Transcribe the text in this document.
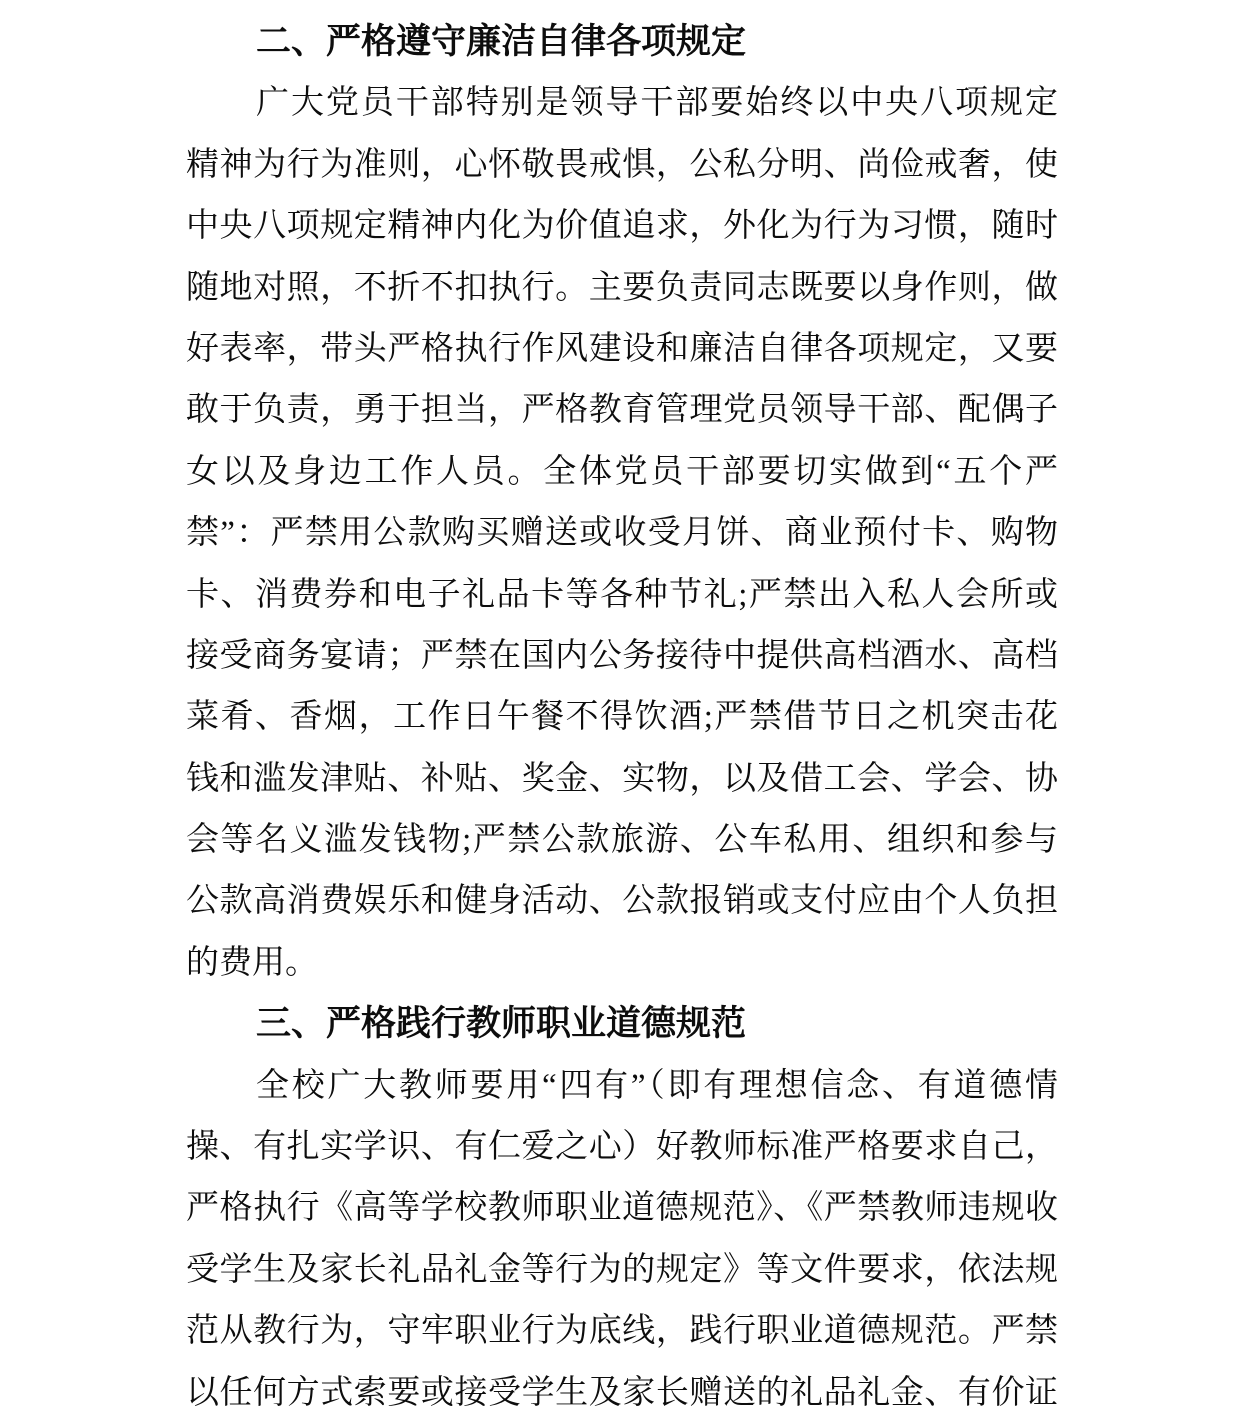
二、严格遵守廉洁自律各项规定
广大党员干部特别是领导干部要始终以中央八项规定
精神为行为准则，心怀敬畏戒惧，公私分明、尚俭戒奢，使
中央八项规定精神内化为价值追求，外化为行为习惯，随时
随地对照，不折不扣执行。主要负责同志既要以身作则，做
好表率，带头严格执行作风建设和廉洁自律各项规定，又要
敢于负责，勇于担当，严格教育管理党员领导干部、配偶子
女以及身边工作人员。全体党员干部要切实做到“五个严
禁”：严禁用公款购买赠送或收受月饼、商业预付卡、购物
卡、消费券和电子礼品卡等各种节礼;严禁出入私人会所或
接受商务宴请；严禁在国内公务接待中提供高档酒水、高档
菜肴、香烟，工作日午餐不得饮酒;严禁借节日之机突击花
钱和滥发津贴、补贴、奖金、实物，以及借工会、学会、协
会等名义滥发钱物;严禁公款旅游、公车私用、组织和参与
公款高消费娱乐和健身活动、公款报销或支付应由个人负担
的费用。
三、严格践行教师职业道德规范
全校广大教师要用“四有”（即有理想信念、有道德情
操、有扎实学识、有仁爱之心）好教师标准严格要求自己，
严格执行《高等学校教师职业道德规范》、《严禁教师违规收
受学生及家长礼品礼金等行为的规定》等文件要求，依法规
范从教行为，守牢职业行为底线，践行职业道德规范。严禁
以任何方式索要或接受学生及家长赠送的礼品礼金、有价证
